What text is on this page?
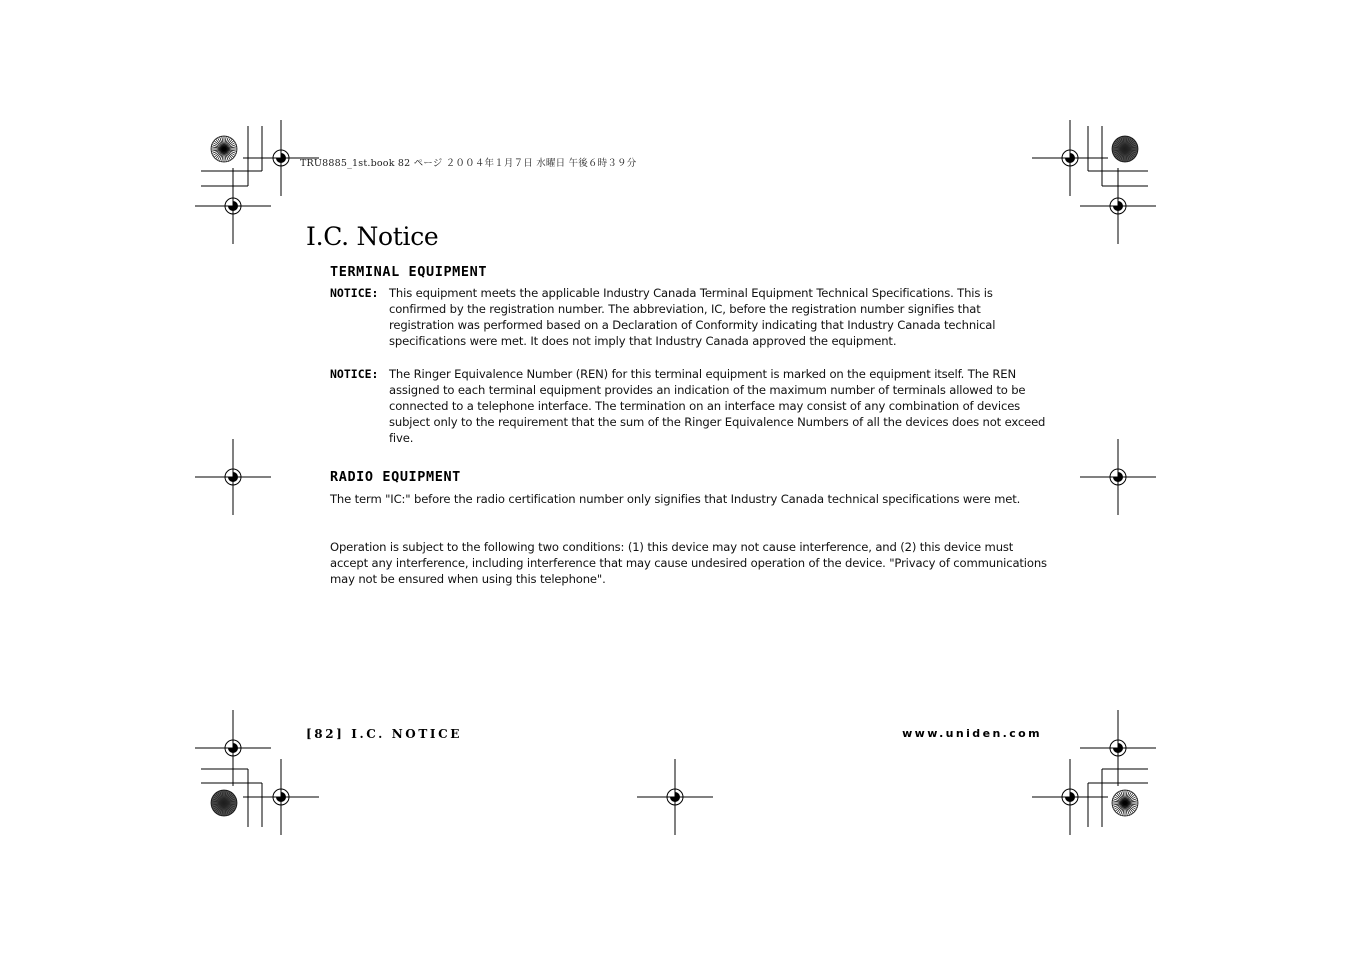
TRU8885_1st.book 82 ページ ２００４年１月７日 水曜日 午後６時３９分
I.C. Notice
TERMINAL EQUIPMENT
NOTICE: This equipment meets the applicable Industry Canada Terminal Equipment Technical Specifications. This is confirmed by the registration number. The abbreviation, IC, before the registration number signifies that registration was performed based on a Declaration of Conformity indicating that Industry Canada technical specifications were met. It does not imply that Industry Canada approved the equipment.
NOTICE: The Ringer Equivalence Number (REN) for this terminal equipment is marked on the equipment itself. The REN assigned to each terminal equipment provides an indication of the maximum number of terminals allowed to be connected to a telephone interface. The termination on an interface may consist of any combination of devices subject only to the requirement that the sum of the Ringer Equivalence Numbers of all the devices does not exceed five.
RADIO EQUIPMENT

The term "IC:" before the radio certification number only signifies that Industry Canada technical specifications were met.

Operation is subject to the following two conditions: (1) this device may not cause interference, and (2) this device must accept any interference, including interference that may cause undesired operation of the device. "Privacy of communications may not be ensured when using this telephone".

[82] I.C. NOTICE	www.uniden.com
